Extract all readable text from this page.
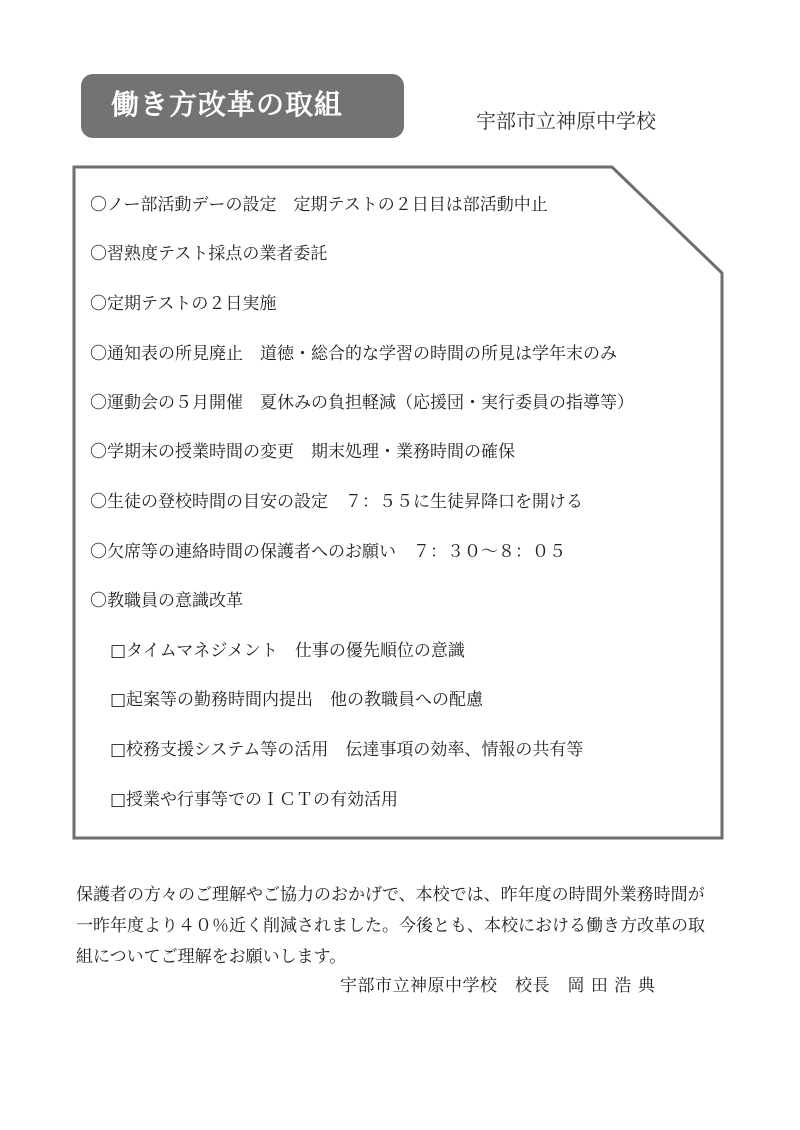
働き方改革の取組	宇部市立神原中学校
〇ノー部活動デーの設定　定期テストの２日目は部活動中止
〇習熟度テスト採点の業者委託
〇定期テストの２日実施
〇通知表の所見廃止　道徳・総合的な学習の時間の所見は学年末のみ
〇運動会の５月開催　夏休みの負担軽減（応援団・実行委員の指導等）
〇学期末の授業時間の変更　期末処理・業務時間の確保
〇生徒の登校時間の目安の設定　７：５５に生徒昇降口を開ける
〇欠席等の連絡時間の保護者へのお願い　７：３０～８：０５
〇教職員の意識改革
□タイムマネジメント　仕事の優先順位の意識
□起案等の勤務時間内提出　他の教職員への配慮
□校務支援システム等の活用　伝達事項の効率、情報の共有等
□授業や行事等でのＩＣＴの有効活用
保護者の方々のご理解やご協力のおかげで、本校では、昨年度の時間外業務時間が一昨年度より４０％近く削減されました。今後とも、本校における働き方改革の取組についてご理解をお願いします。
宇部市立神原中学校　校長　岡 田 浩 典
